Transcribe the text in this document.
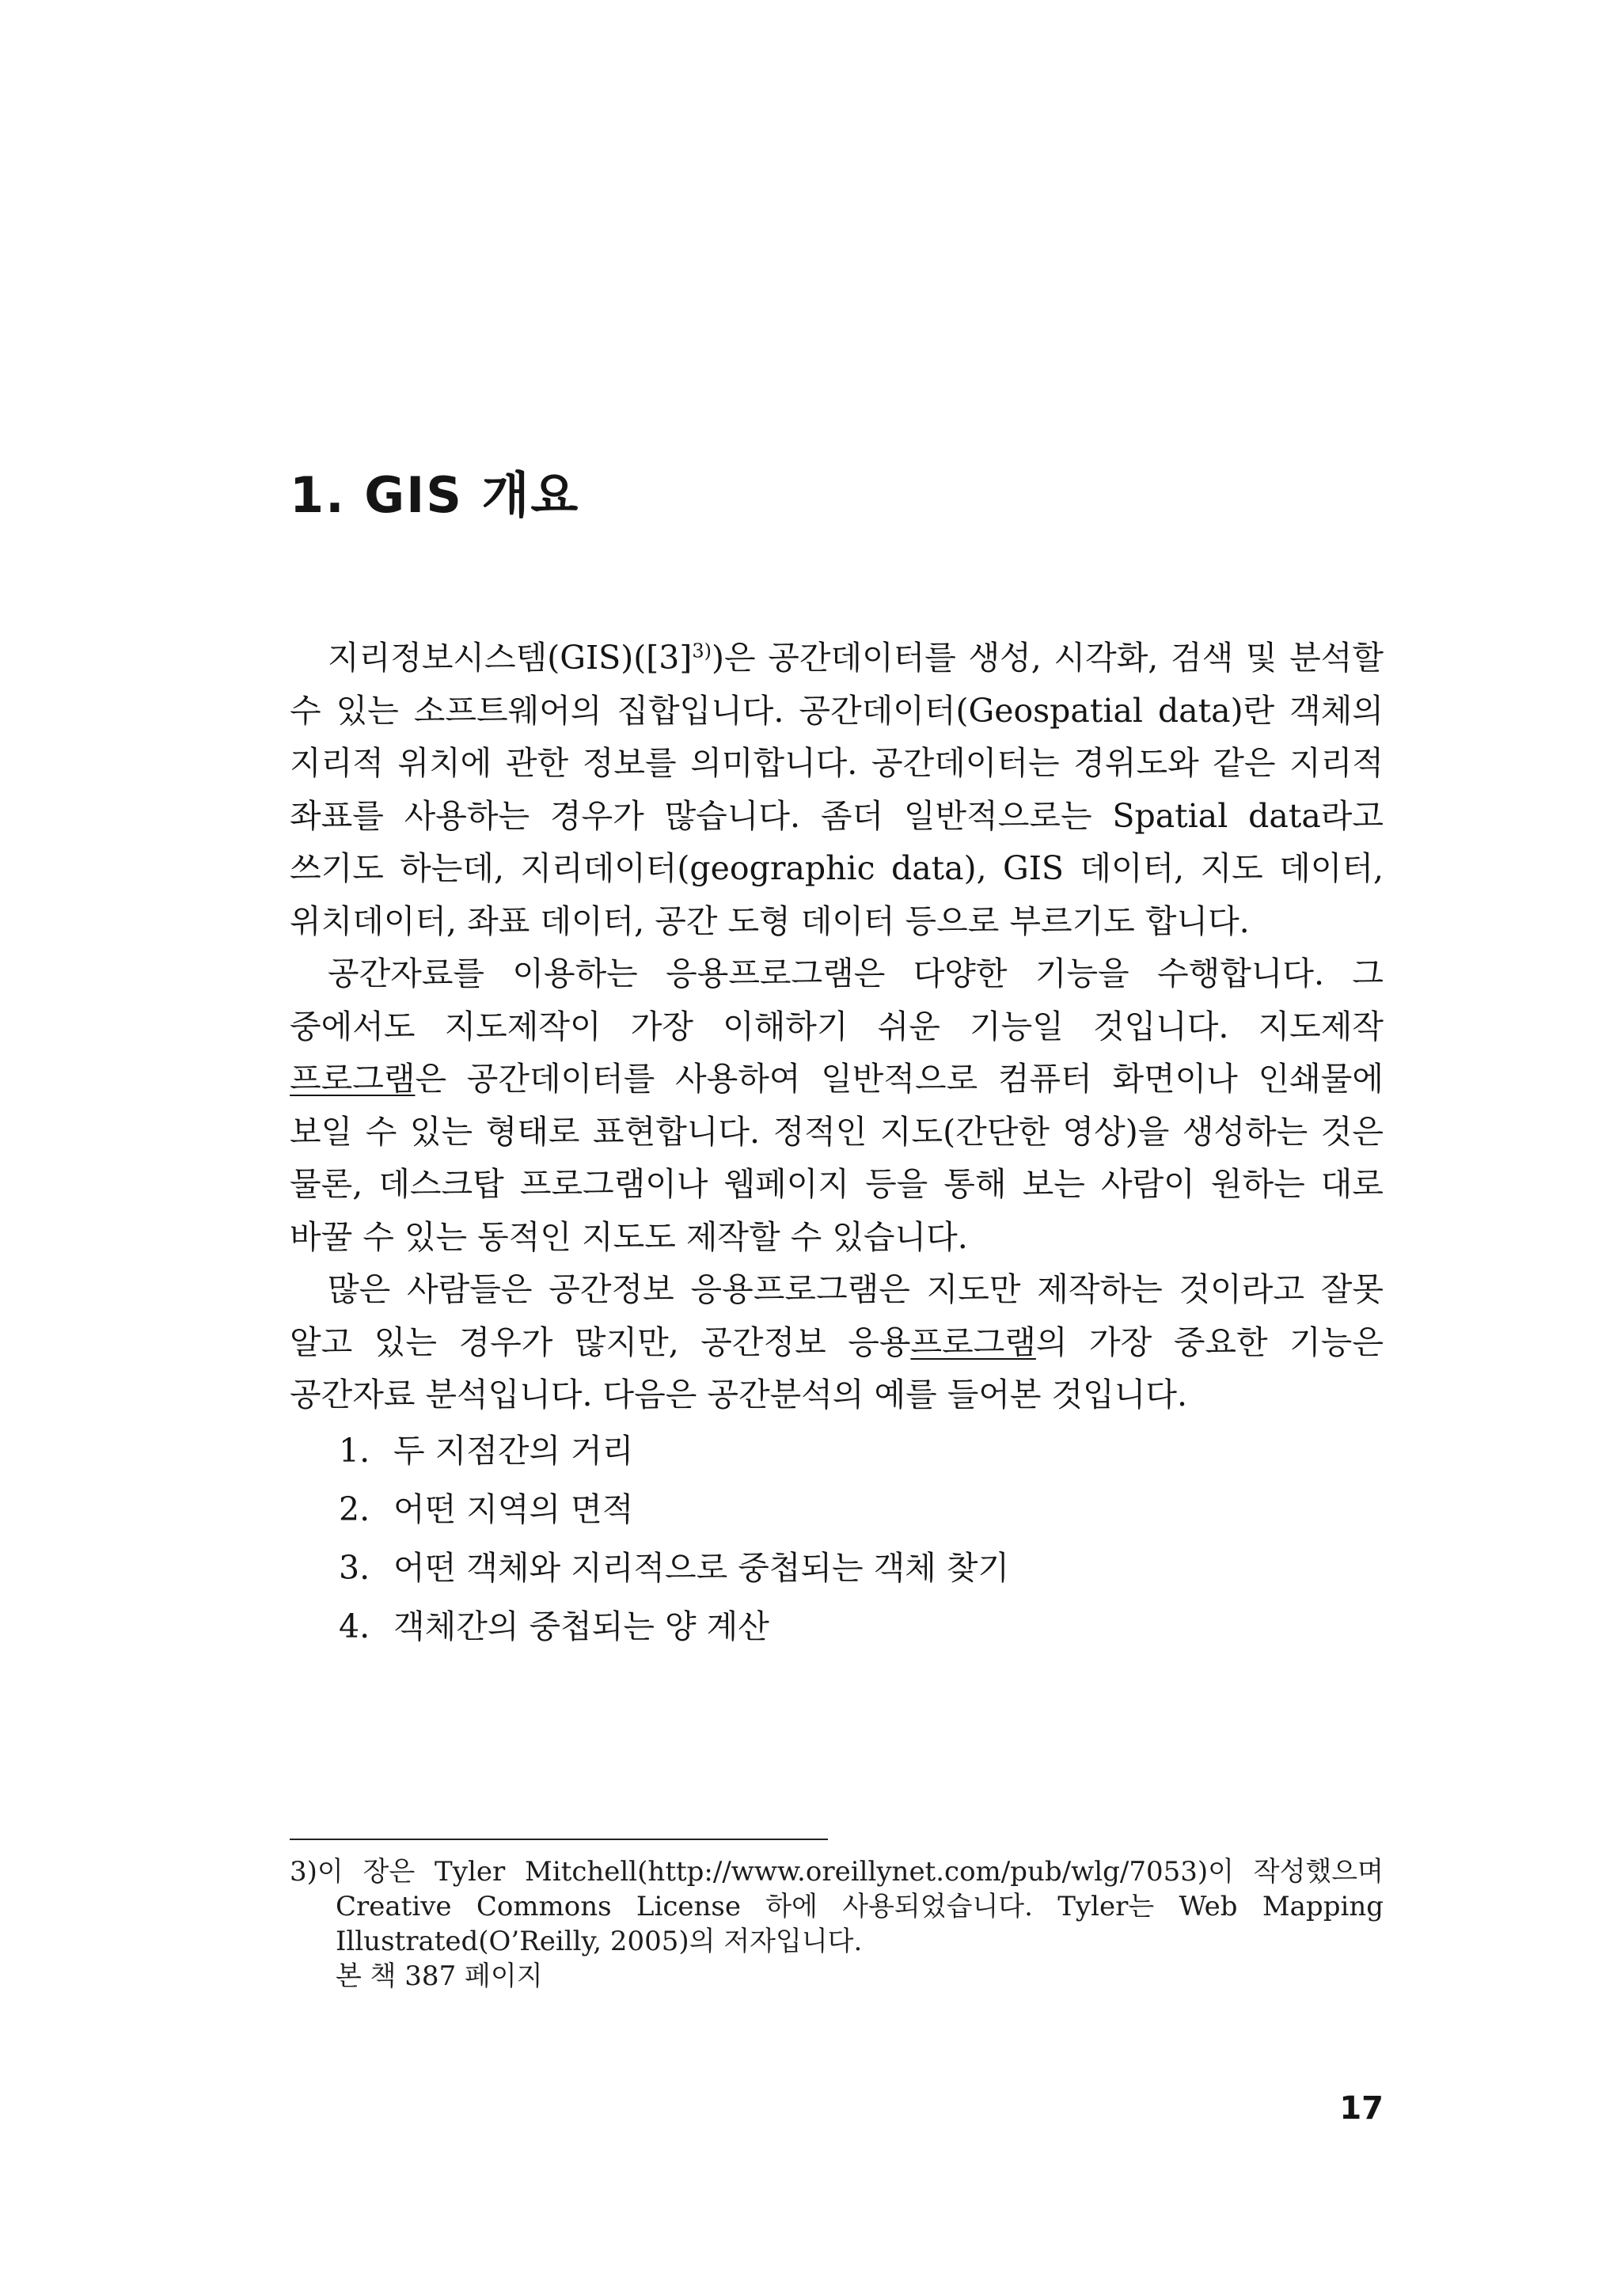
1. GIS 개요

지리정보시스템$(GIS)([3]^{3)})$은 공간데이터를 생성, 시각화, 검색 및 분석할 수 있는 소프트웨어의 집합입니다. 공간데이터(Geospatial data)란 객체의 지리적 위치에 관한 정보를 의미합니다. 공간데이터는 경위도와 같은 지리적 좌표를 사용하는 경우가 많습니다. 좀더 일반적으로는 Spatial data라고 쓰기도 하는데, 지리데이터(geographic data), GIS 데이터, 지도 데이터, 위치데이터, 좌표 데이터, 공간 도형 데이터 등으로 부르기도 합니다.

공간자료를 이용하는 응용프로그램은 다양한 기능을 수행합니다. 그 중에서도 지도제작이 가장 이해하기 쉬운 기능일 것입니다. 지도제작 프로그램은 공간데이터를 사용하여 일반적으로 컴퓨터 화면이나 인쇄물에 보일 수 있는 형태로 표현합니다. 정적인 지도(간단한 영상)을 생성하는 것은 물론, 데스크탑 프로그램이나 웹페이지 등을 통해 보는 사람이 원하는 대로 바꿀 수 있는 동적인 지도도 제작할 수 있습니다.

많은 사람들은 공간정보 응용프로그램은 지도만 제작하는 것이라고 잘못 알고 있는 경우가 많지만, 공간정보 응용프로그램의 가장 중요한 기능은 공간자료 분석입니다. 다음은 공간분석의 예를 들어본 것입니다.

1. 두 지점간의 거리
2. 어떤 지역의 면적
3. 어떤 객체와 지리적으로 중첩되는 객체 찾기
4. 객체간의 중첩되는 양 계산

3)이 장은 Tyler Mitchell(http://www.oreillynet.com/pub/wlg/7053)이 작성했으며 Creative Commons License 하에 사용되었습니다. Tyler는 Web Mapping Illustrated(O’Reilly, 2005)의 저자입니다.

본 책 387 페이지

17
